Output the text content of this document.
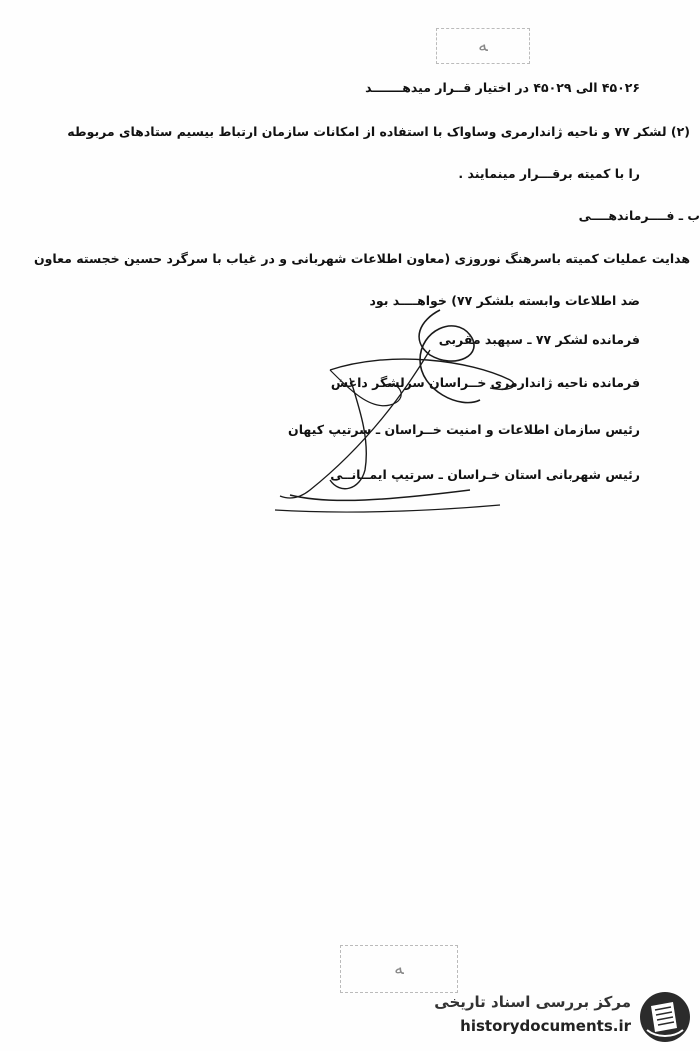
ﻪ
۴۵۰۲۶ الی ۴۵۰۲۹ در اختیار قــرار میدهـــــــد
(۲) لشکر ۷۷ و ناحیه ژاندارمری وساواک با استفاده از امکانات سازمان ارتباط بیسیم ستادهای مربوطه
را با کمیته برقـــرار مینمایند .
ب ـ فــــرماندهــــی
هدایت عملیات کمیته باسرهنگ نوروزی (معاون اطلاعات شهربانی و در غیاب با سرگرد حسین خجسته معاون
ضد اطلاعات وابسته بلشکر ۷۷) خواهــــد بود
فرمانده لشکر ۷۷ ـ سپهبد مقربی
فرمانده ناحیه ژاندارمری خــراسان سرلشگر داعش
رئیس سازمان اطلاعات و امنیت خــراسان ـ سرتیپ کیهان
رئیس شهربانی استان خـراسان ـ سرتیپ ایمــانــی
ﻪ
مرکز بررسی اسناد تاریخی
historydocuments.ir
